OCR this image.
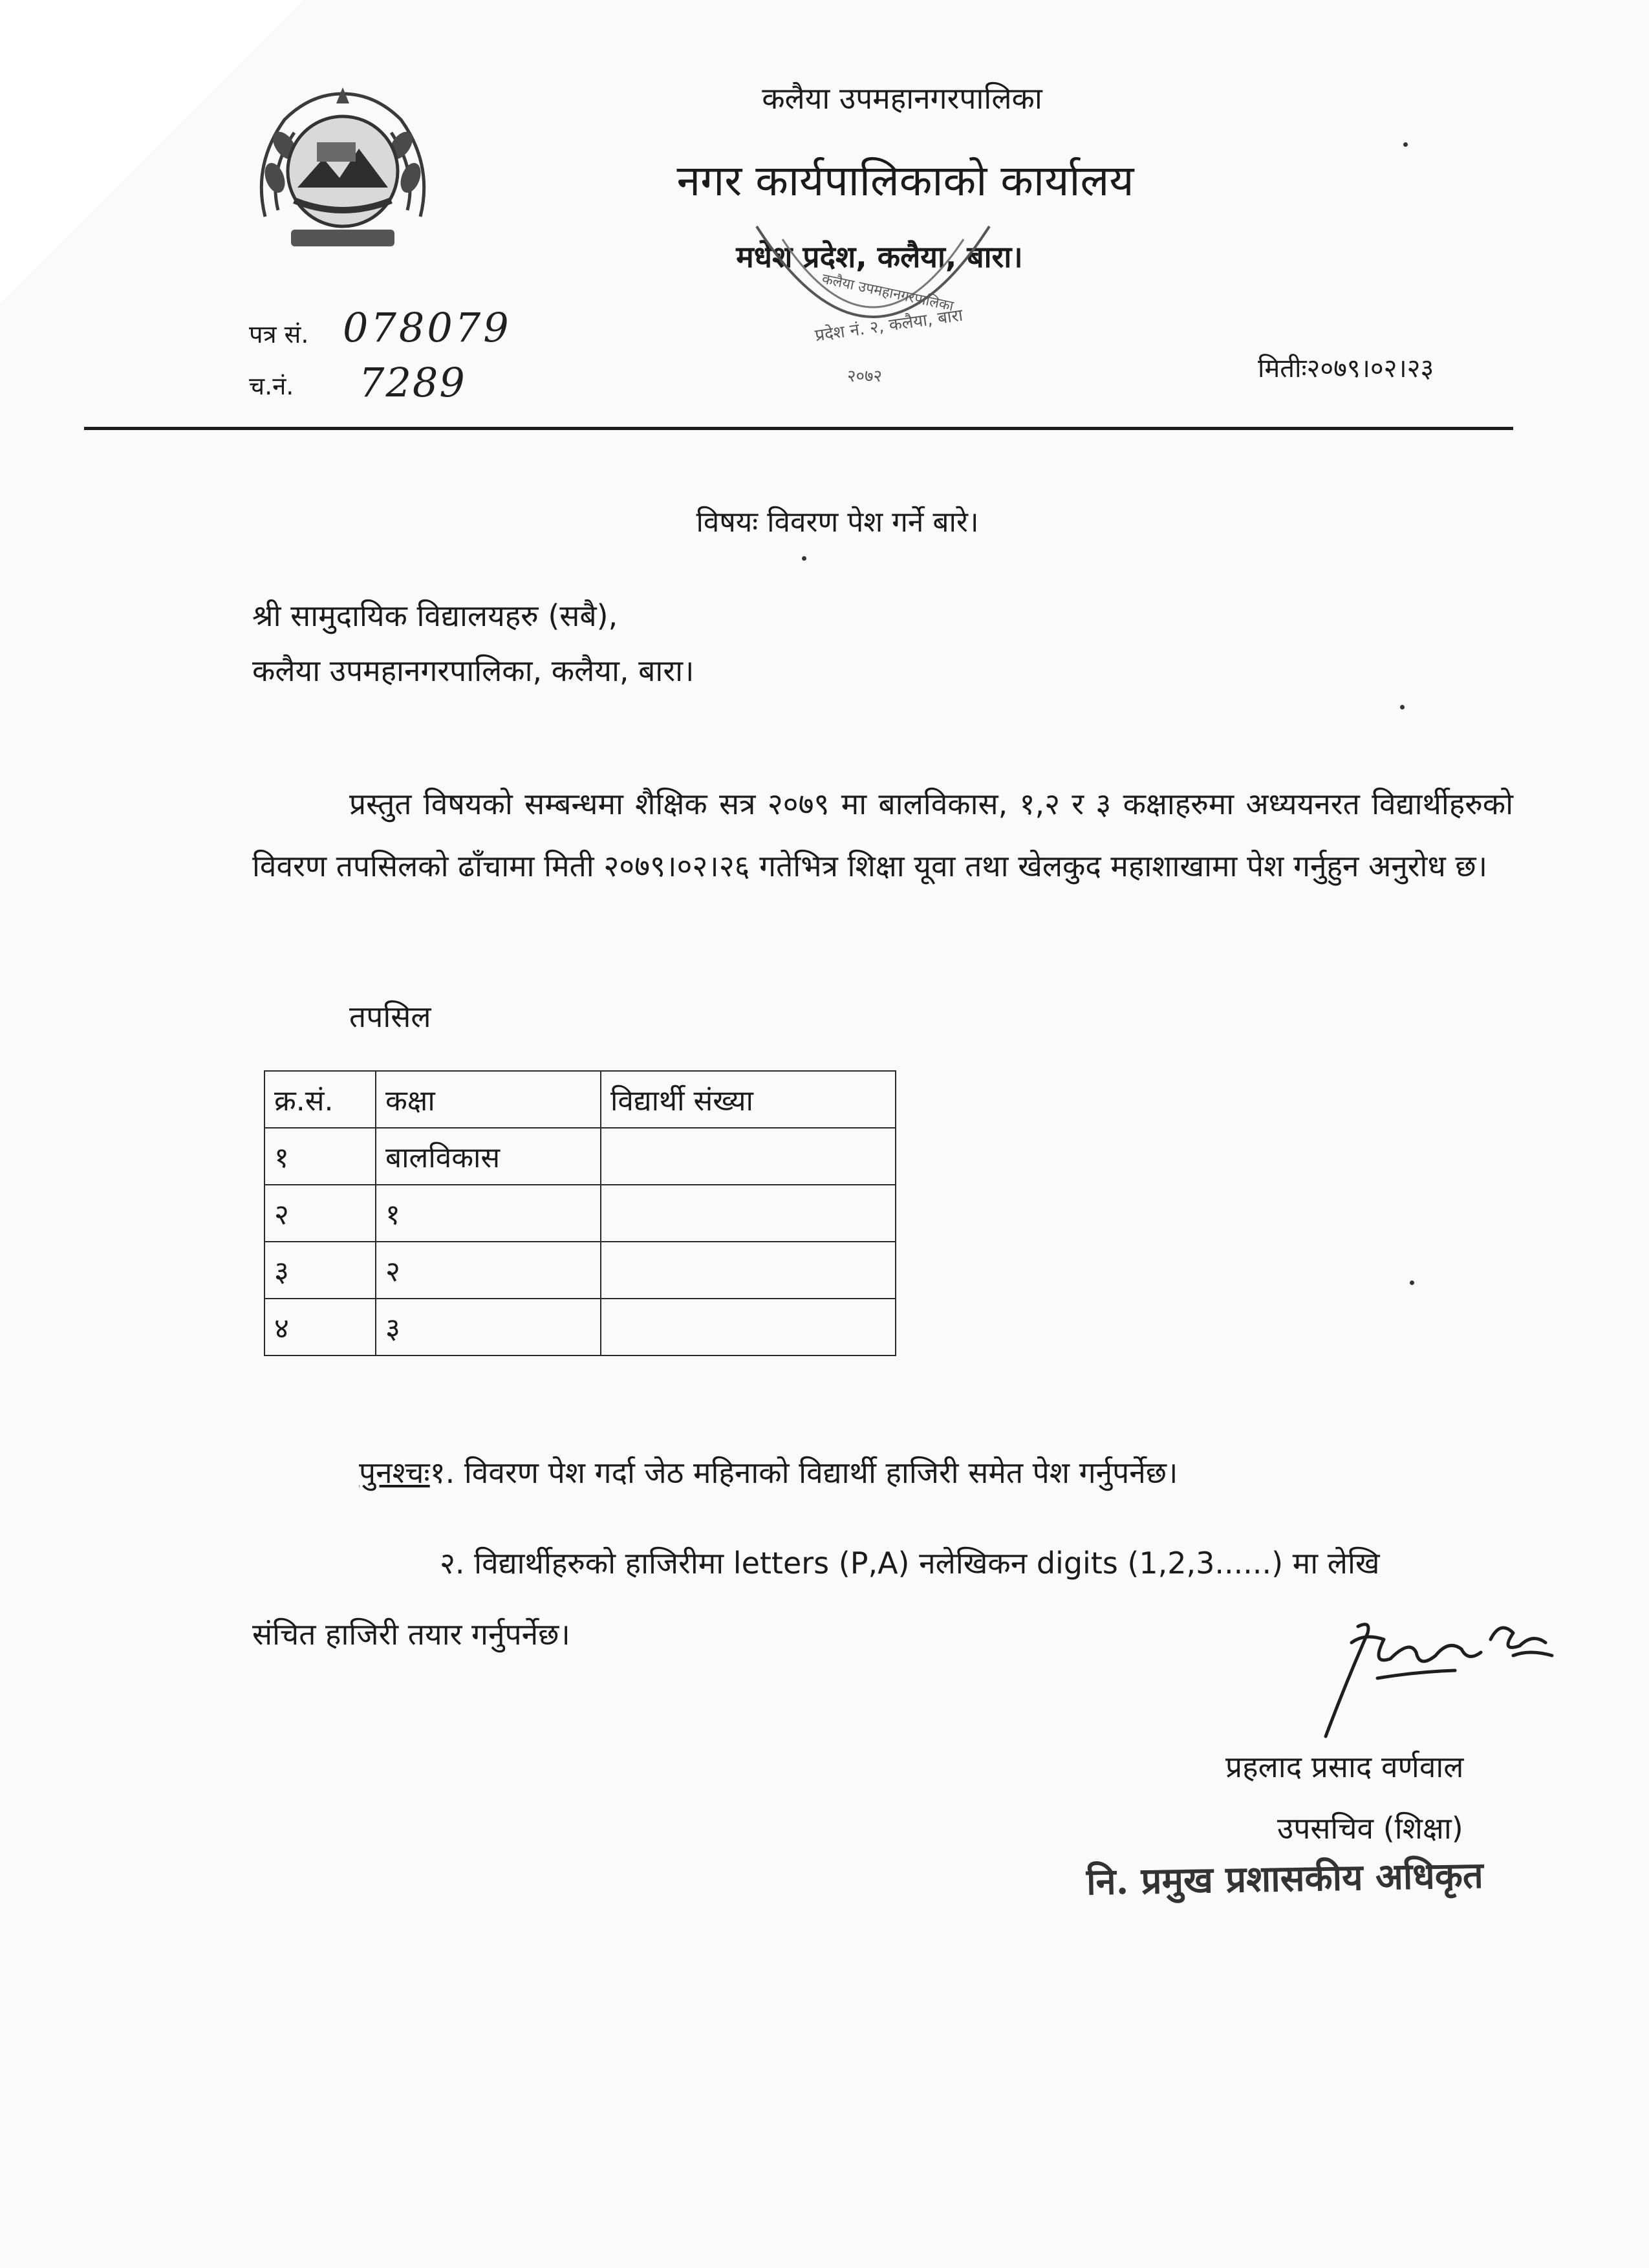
कलैया उपमहानगरपालिका
नगर कार्यपालिकाको कार्यालय
मधेश प्रदेश, कलैया, बारा।
कलैया उपमहानगरपालिका
प्रदेश नं. २, कलैया, बारा
२०७२
पत्र सं. 078079
च.नं. 7289	मितीः२०७९।०२।२३
विषयः विवरण पेश गर्ने बारे।
श्री सामुदायिक विद्यालयहरु (सबै),
कलैया उपमहानगरपालिका, कलैया, बारा।
प्रस्तुत विषयको सम्बन्धमा शैक्षिक सत्र २०७९ मा बालविकास, १,२ र ३ कक्षाहरुमा अध्ययनरत विद्यार्थीहरुको विवरण तपसिलको ढाँचामा मिती २०७९।०२।२६ गतेभित्र शिक्षा यूवा तथा खेलकुद महाशाखामा पेश गर्नुहुन अनुरोध छ।
तपसिल
क्र.सं.	कक्षा	विद्यार्थी संख्या
१	बालविकास	
२	१	
३	२	
४	३	
पुनश्चः१. विवरण पेश गर्दा जेठ महिनाको विद्यार्थी हाजिरी समेत पेश गर्नुपर्नेछ।
२. विद्यार्थीहरुको हाजिरीमा letters (P,A) नलेखिकन digits (1,2,3......) मा लेखि
संचित हाजिरी तयार गर्नुपर्नेछ।
प्रहलाद प्रसाद वर्णवाल
उपसचिव (शिक्षा)
नि. प्रमुख प्रशासकीय अधिकृत
